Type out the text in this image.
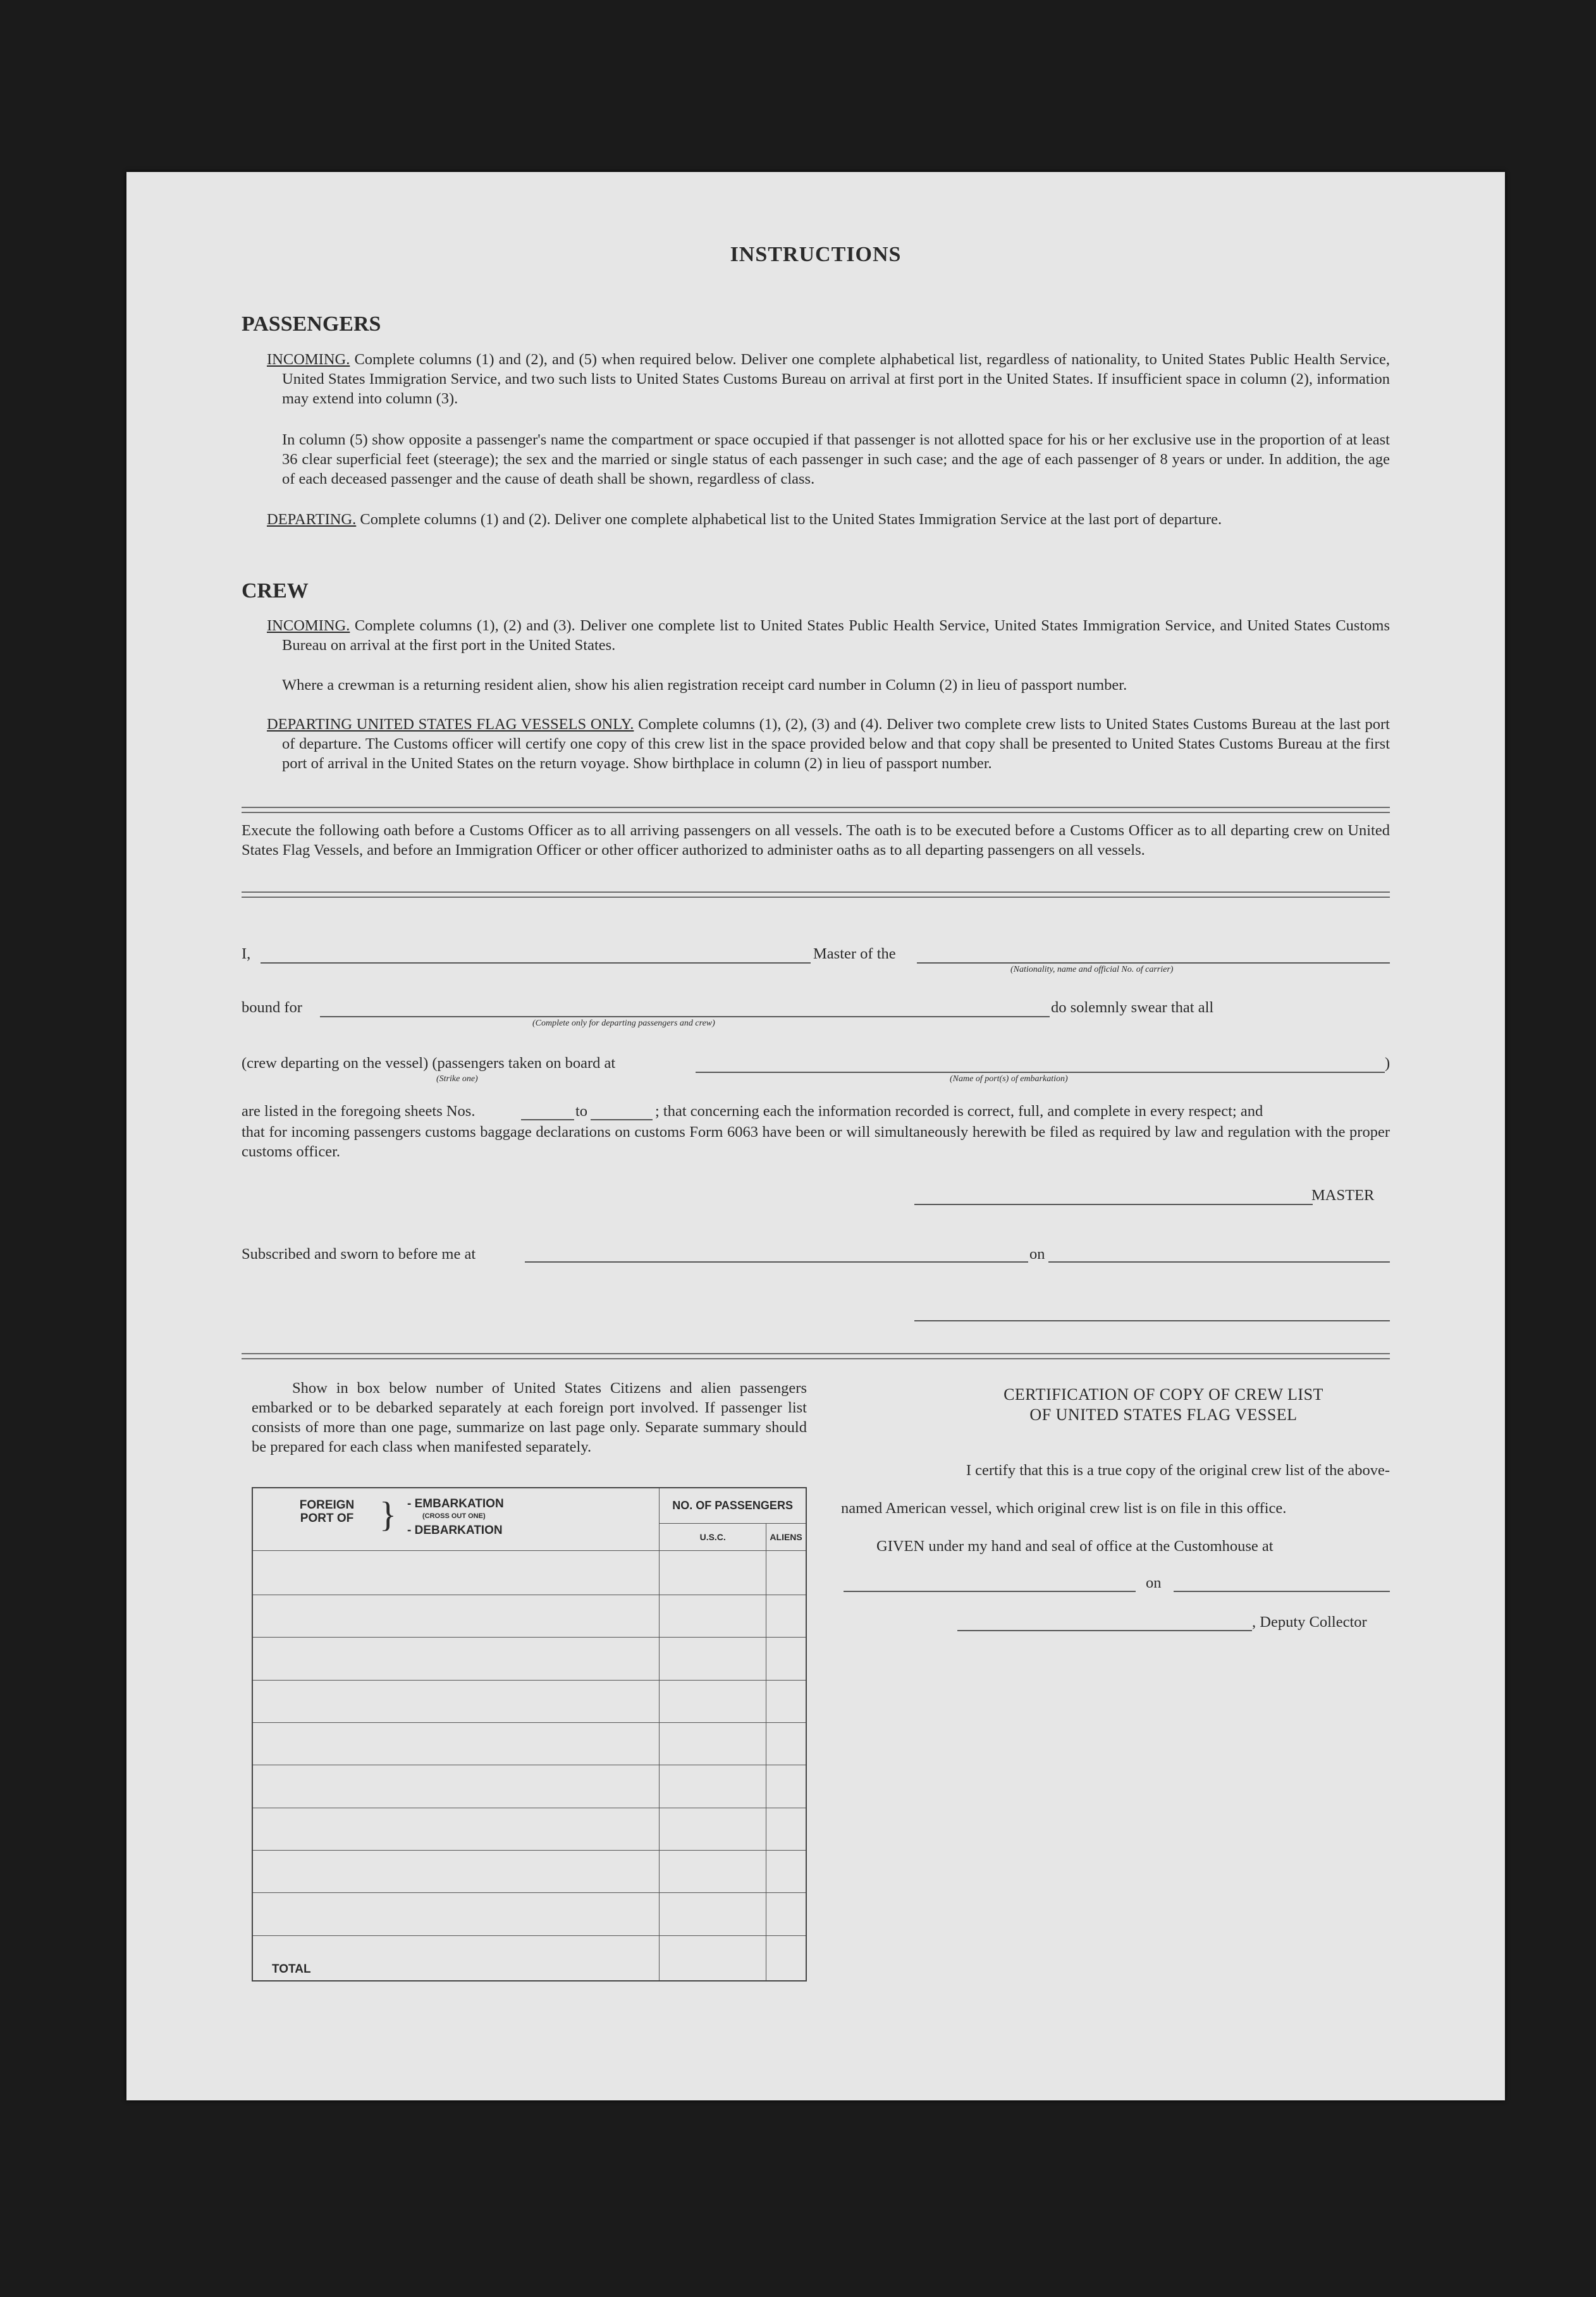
INSTRUCTIONS
PASSENGERS
INCOMING. Complete columns (1) and (2), and (5) when required below. Deliver one complete alphabetical list, regardless of nationality, to United States Public Health Service, United States Immigration Service, and two such lists to United States Customs Bureau on arrival at first port in the United States. If insufficient space in column (2), information may extend into column (3).
In column (5) show opposite a passenger's name the compartment or space occupied if that passenger is not allotted space for his or her exclusive use in the proportion of at least 36 clear superficial feet (steerage); the sex and the married or single status of each passenger in such case; and the age of each passenger of 8 years or under. In addition, the age of each deceased passenger and the cause of death shall be shown, regardless of class.
DEPARTING. Complete columns (1) and (2). Deliver one complete alphabetical list to the United States Immigration Service at the last port of departure.
CREW
INCOMING. Complete columns (1), (2) and (3). Deliver one complete list to United States Public Health Service, United States Immigration Service, and United States Customs Bureau on arrival at the first port in the United States.
Where a crewman is a returning resident alien, show his alien registration receipt card number in Column (2) in lieu of passport number.
DEPARTING UNITED STATES FLAG VESSELS ONLY. Complete columns (1), (2), (3) and (4). Deliver two complete crew lists to United States Customs Bureau at the last port of departure. The Customs officer will certify one copy of this crew list in the space provided below and that copy shall be presented to United States Customs Bureau at the first port of arrival in the United States on the return voyage. Show birthplace in column (2) in lieu of passport number.
Execute the following oath before a Customs Officer as to all arriving passengers on all vessels. The oath is to be executed before a Customs Officer as to all departing crew on United States Flag Vessels, and before an Immigration Officer or other officer authorized to administer oaths as to all departing passengers on all vessels.
I,	Master of the
(Nationality, name and official No. of carrier)
bound for
(Complete only for departing passengers and crew)
do solemnly swear that all
(crew departing on the vessel) (passengers taken on board at
(Strike one)	(Name of port(s) of embarkation)
)
are listed in the foregoing sheets Nos.	to	; that concerning each the information recorded is correct, full, and complete in every respect; and
that for incoming passengers customs baggage declarations on customs Form 6063 have been or will simultaneously herewith be filed as required by law and regulation with the proper customs officer.
MASTER
Subscribed and sworn to before me at	on
Show in box below number of United States Citizens and alien passengers embarked or to be debarked separately at each foreign port involved. If passenger list consists of more than one page, summarize on last page only. Separate summary should be prepared for each class when manifested separately.
FOREIGN PORT OF } - EMBARKATION
(CROSS OUT ONE)
- DEBARKATION	NO. OF PASSENGERS	
	U.S.C.	ALIENS

TOTAL		
CERTIFICATION OF COPY OF CREW LIST
OF UNITED STATES FLAG VESSEL
I certify that this is a true copy of the original crew list of the above-
named American vessel, which original crew list is on file in this office.
GIVEN under my hand and seal of office at the Customhouse at
on
, Deputy Collector
